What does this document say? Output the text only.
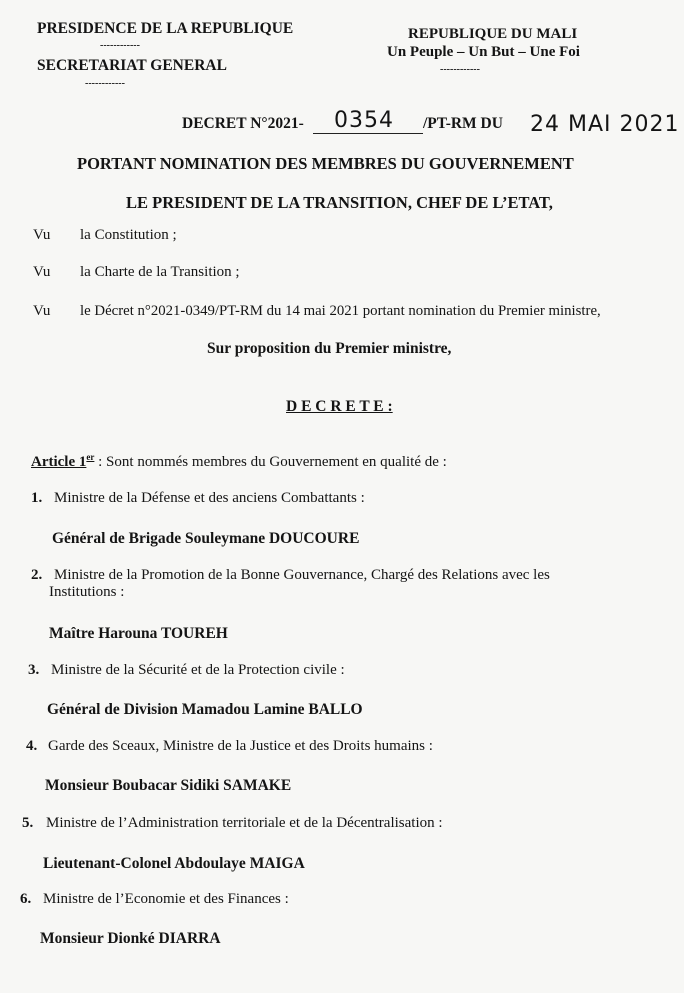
PRESIDENCE DE LA REPUBLIQUE
------------
SECRETARIAT GENERAL
------------
REPUBLIQUE DU MALI
Un Peuple – Un But – Une Foi
------------
DECRET N°2021- 0354 /PT-RM DU 24 MAI 2021
PORTANT NOMINATION DES MEMBRES DU GOUVERNEMENT
LE PRESIDENT DE LA TRANSITION, CHEF DE L’ETAT,
Vu la Constitution ;
Vu la Charte de la Transition ;
Vu le Décret n°2021-0349/PT-RM du 14 mai 2021 portant nomination du Premier ministre,
Sur proposition du Premier ministre,
D E C R E T E :
Article 1er : Sont nommés membres du Gouvernement en qualité de :
1. Ministre de la Défense et des anciens Combattants :
Général de Brigade Souleymane DOUCOURE
2. Ministre de la Promotion de la Bonne Gouvernance, Chargé des Relations avec les
Institutions :
Maître Harouna TOUREH
3. Ministre de la Sécurité et de la Protection civile :
Général de Division Mamadou Lamine BALLO
4. Garde des Sceaux, Ministre de la Justice et des Droits humains :
Monsieur Boubacar Sidiki SAMAKE
5. Ministre de l’Administration territoriale et de la Décentralisation :
Lieutenant-Colonel Abdoulaye MAIGA
6. Ministre de l’Economie et des Finances :
Monsieur Dionké DIARRA
